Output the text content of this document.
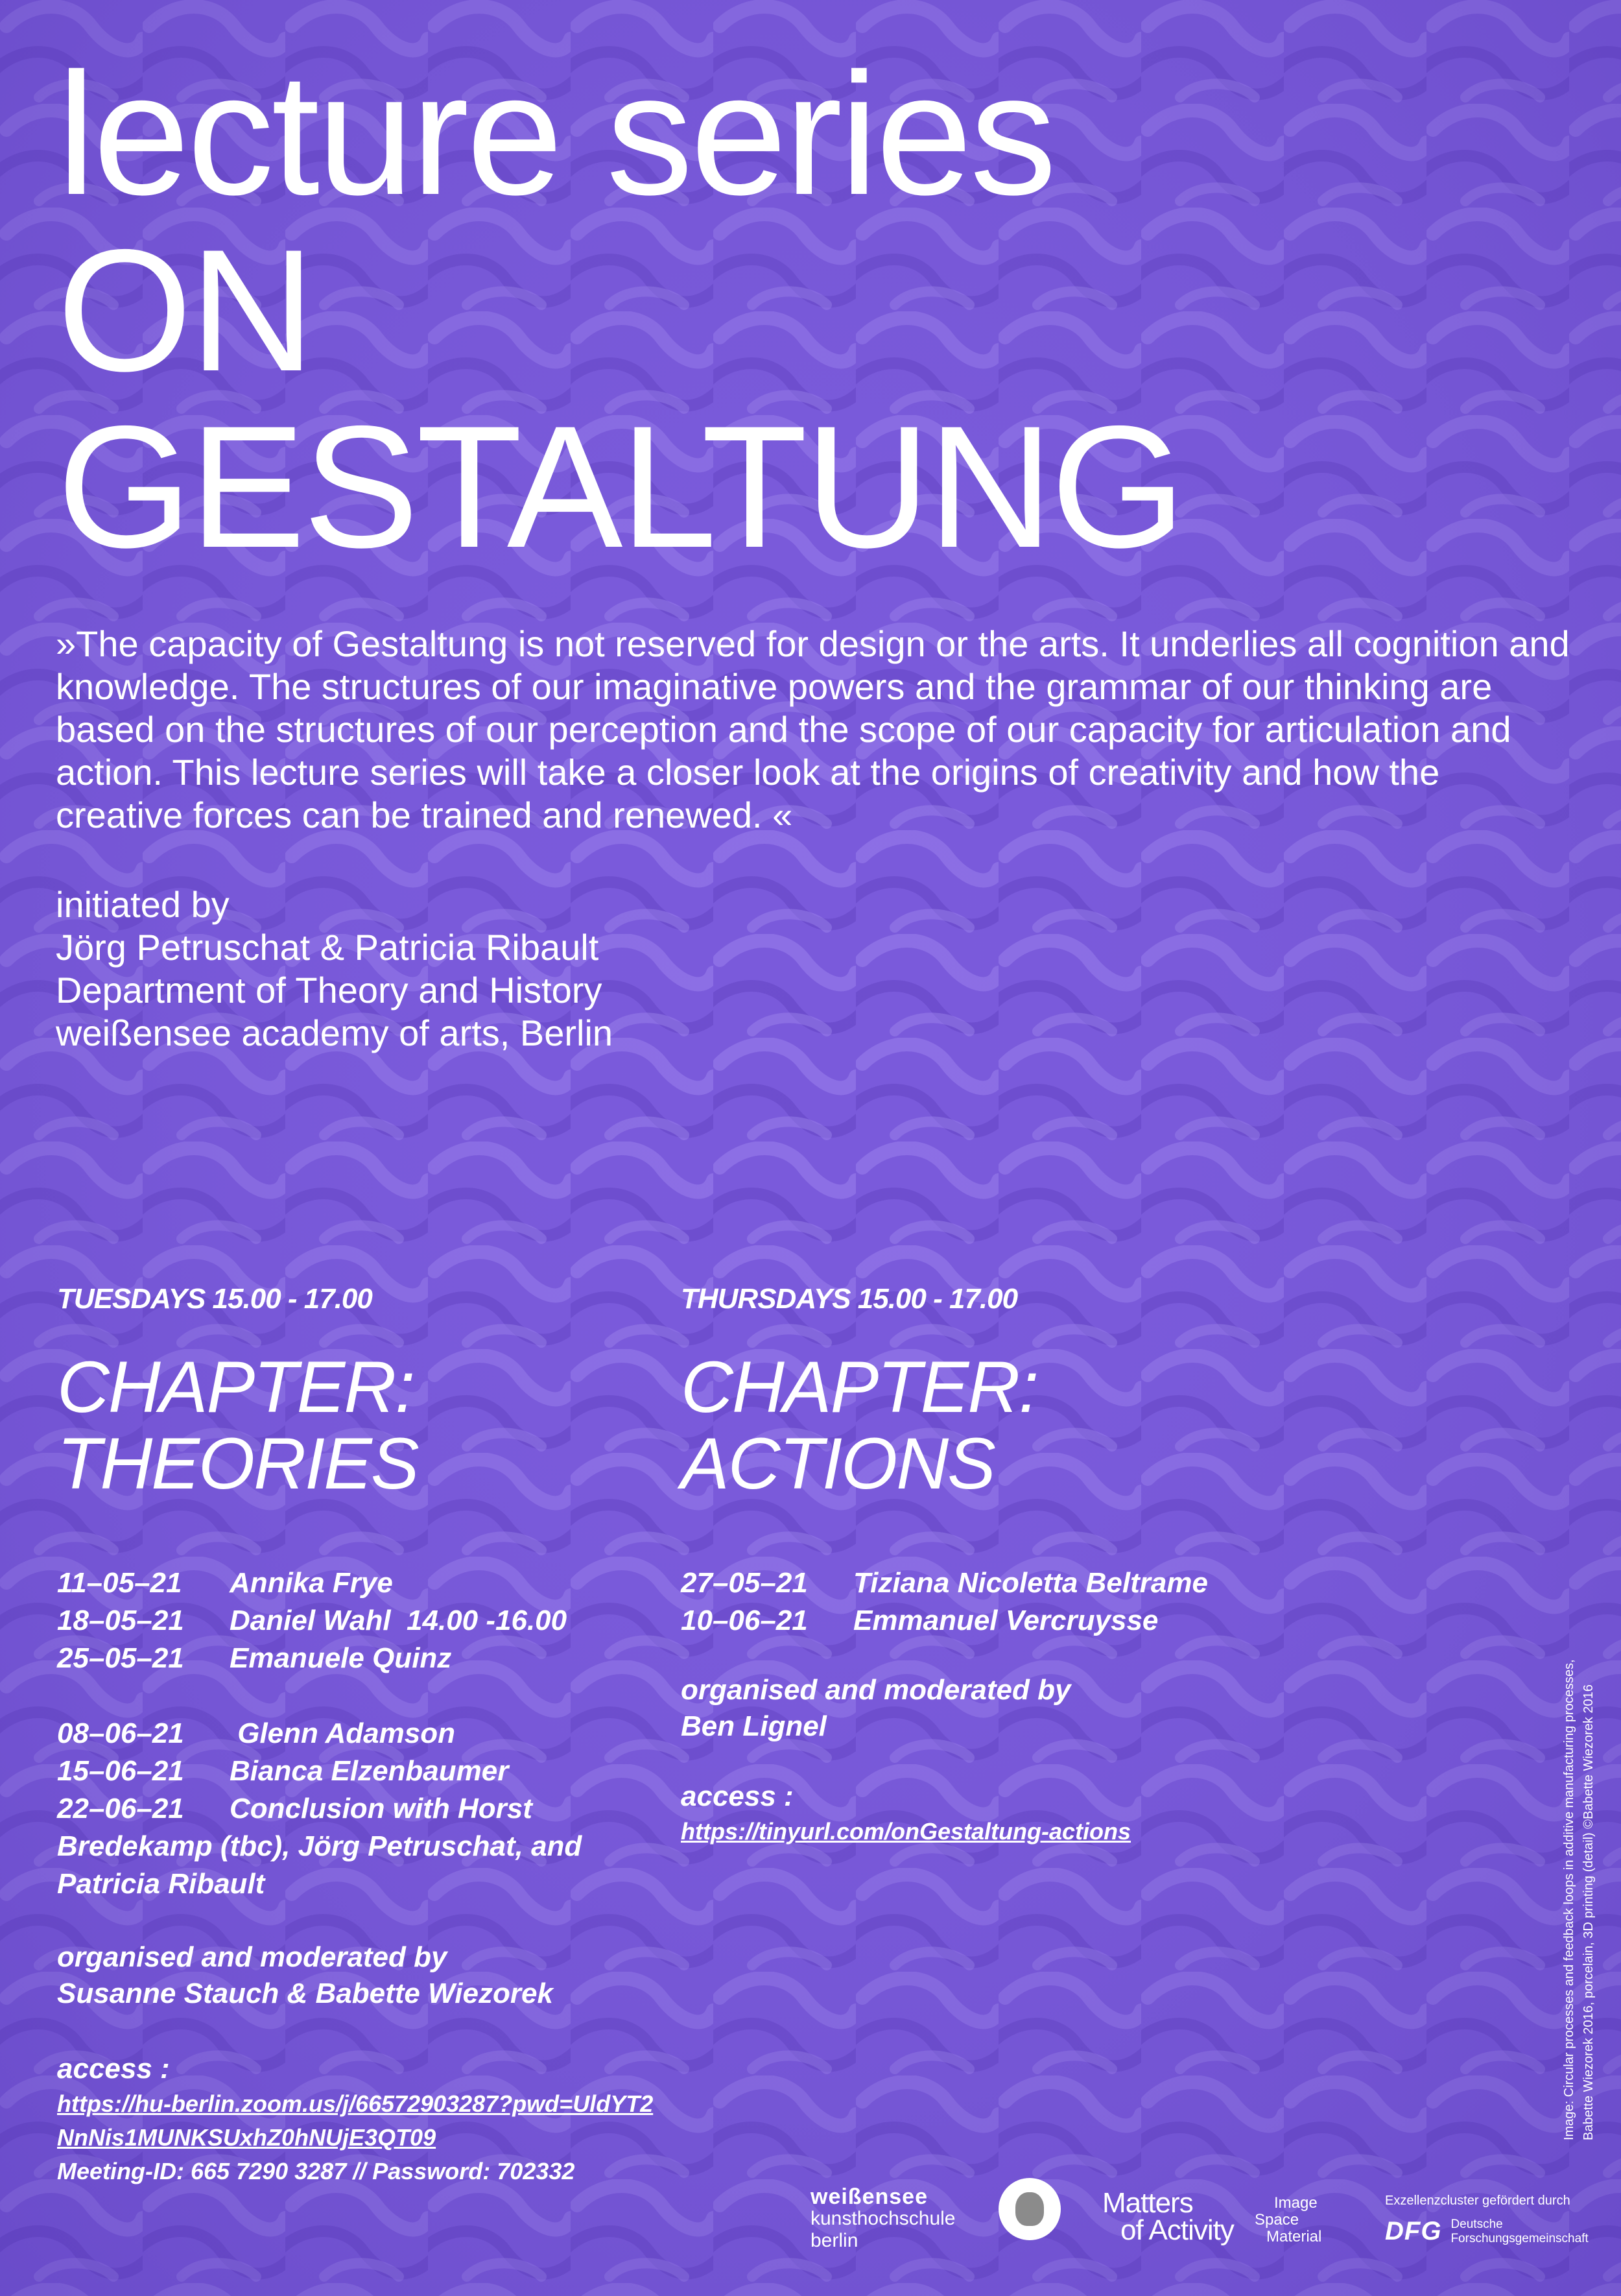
lecture series
ON
GESTALTUNG
»The capacity of Gestaltung is not reserved for design or the arts. It underlies all cognition and knowledge. The structures of our imaginative powers and the grammar of our thinking are based on the structures of our perception and the scope of our capacity for articulation and action. This lecture series will take a closer look at the origins of creativity and how the creative forces can be trained and renewed. «
initiated by
Jörg Petruschat & Patricia Ribault
Department of Theory and History
weißensee academy of arts, Berlin
TUESDAYS 15.00 - 17.00
CHAPTER:
THEORIES
11–05–21	Annika Frye
18–05–21	Daniel Wahl  14.00 -16.00
25–05–21	Emanuele Quinz
08–06–21	Glenn Adamson
15–06–21	Bianca Elzenbaumer
22–06–21 Conclusion with Horst Bredekamp (tbc), Jörg Petruschat, and Patricia Ribault
organised and moderated by
Susanne Stauch & Babette Wiezorek
access :
https://hu-berlin.zoom.us/j/66572903287?pwd=UldYT2NnNis1MUNKSUxhZ0hNUjE3QT09
Meeting-ID: 665 7290 3287 // Password: 702332
THURSDAYS 15.00 - 17.00
CHAPTER:
ACTIONS
27–05–21	Tiziana Nicoletta Beltrame
10–06–21	Emmanuel Vercruysse
organised and moderated by
Ben Lignel
access :
https://tinyurl.com/onGestaltung-actions	Image: Circular processes and feedback loops in additive manufacturing processes, Babette Wiezorek 2016, porcelain, 3D printing (detail) ©Babette Wiezorek 2016
weißensee
kunsthochschule
berlin
Matters
of Activity
Image
Space
Material
Exzellenzcluster gefördert durch
DFG Deutsche
Forschungsgemeinschaft
